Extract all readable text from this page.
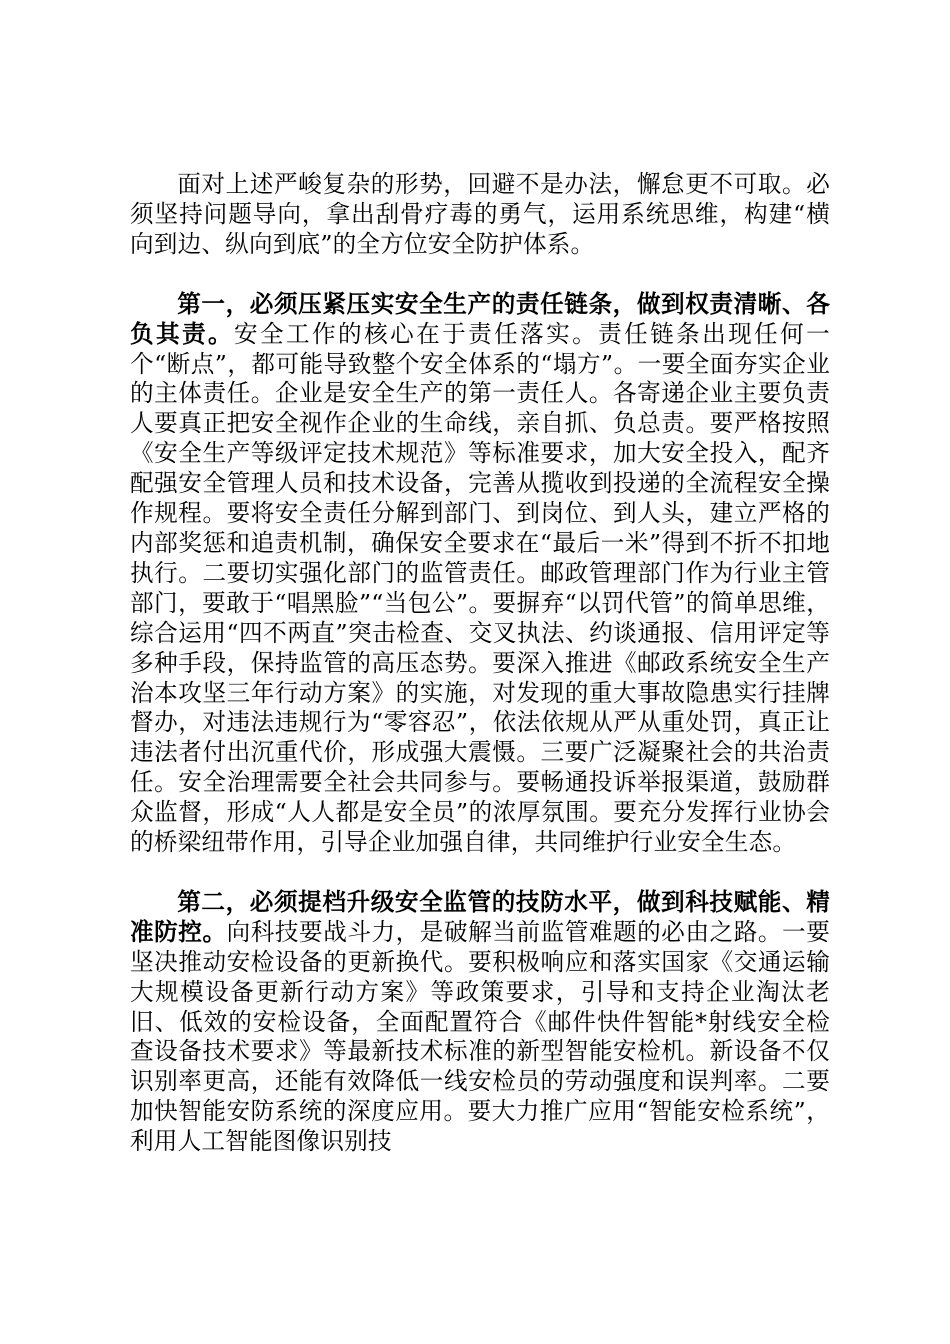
面对上述严峻复杂的形势，回避不是办法，懈怠更不可取。必须坚持问题导向，拿出刮骨疗毒的勇气，运用系统思维，构建“横向到边、纵向到底”的全方位安全防护体系。

第一，必须压紧压实安全生产的责任链条，做到权责清晰、各负其责。安全工作的核心在于责任落实。责任链条出现任何一个“断点”，都可能导致整个安全体系的“塌方”。一要全面夯实企业的主体责任。企业是安全生产的第一责任人。各寄递企业主要负责人要真正把安全视作企业的生命线，亲自抓、负总责。要严格按照《安全生产等级评定技术规范》等标准要求，加大安全投入，配齐配强安全管理人员和技术设备，完善从揽收到投递的全流程安全操作规程。要将安全责任分解到部门、到岗位、到人头，建立严格的内部奖惩和追责机制，确保安全要求在“最后一米”得到不折不扣地执行。二要切实强化部门的监管责任。邮政管理部门作为行业主管部门，要敢于“唱黑脸”“当包公”。要摒弃“以罚代管”的简单思维，综合运用“四不两直”突击检查、交叉执法、约谈通报、信用评定等多种手段，保持监管的高压态势。要深入推进《邮政系统安全生产治本攻坚三年行动方案》的实施，对发现的重大事故隐患实行挂牌督办，对违法违规行为“零容忍”，依法依规从严从重处罚，真正让违法者付出沉重代价，形成强大震慑。三要广泛凝聚社会的共治责任。安全治理需要全社会共同参与。要畅通投诉举报渠道，鼓励群众监督，形成“人人都是安全员”的浓厚氛围。要充分发挥行业协会的桥梁纽带作用，引导企业加强自律，共同维护行业安全生态。

第二，必须提档升级安全监管的技防水平，做到科技赋能、精准防控。向科技要战斗力，是破解当前监管难题的必由之路。一要坚决推动安检设备的更新换代。要积极响应和落实国家《交通运输大规模设备更新行动方案》等政策要求，引导和支持企业淘汰老旧、低效的安检设备，全面配置符合《邮件快件智能*射线安全检查设备技术要求》等最新技术标准的新型智能安检机。新设备不仅识别率更高，还能有效降低一线安检员的劳动强度和误判率。二要加快智能安防系统的深度应用。要大力推广应用“智能安检系统”，利用人工智能图像识别技
